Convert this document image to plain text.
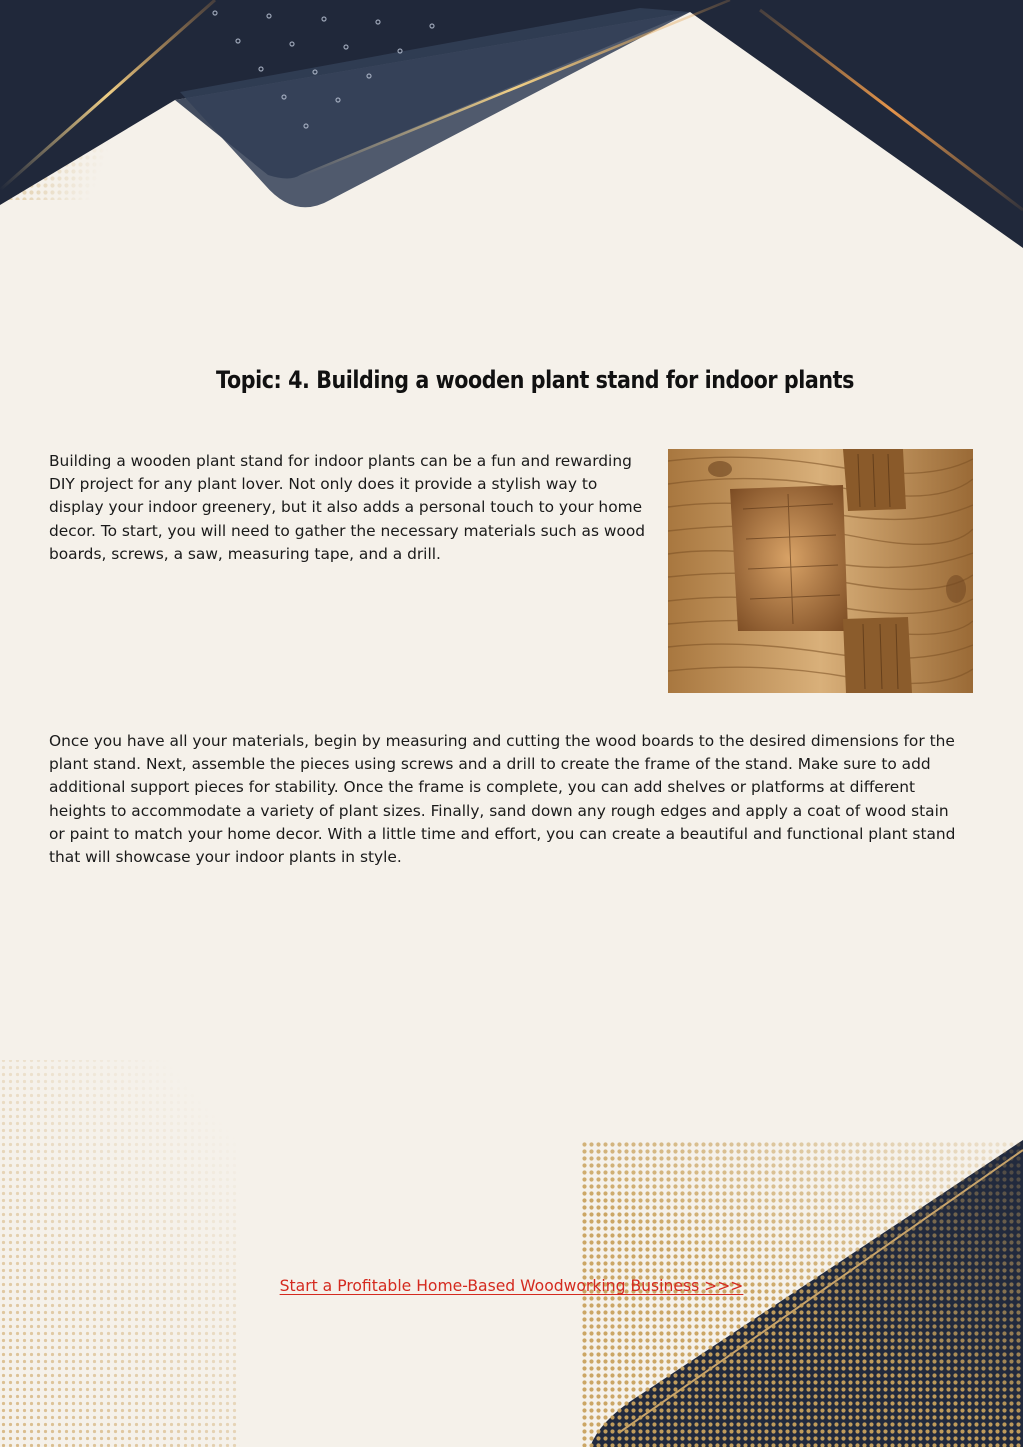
Topic: 4. Building a wooden plant stand for indoor plants

Building a wooden plant stand for indoor plants can be a fun and rewarding DIY project for any plant lover. Not only does it provide a stylish way to display your indoor greenery, but it also adds a personal touch to your home decor. To start, you will need to gather the necessary materials such as wood boards, screws, a saw, measuring tape, and a drill.

Once you have all your materials, begin by measuring and cutting the wood boards to the desired dimensions for the plant stand. Next, assemble the pieces using screws and a drill to create the frame of the stand. Make sure to add additional support pieces for stability. Once the frame is complete, you can add shelves or platforms at different heights to accommodate a variety of plant sizes. Finally, sand down any rough edges and apply a coat of wood stain or paint to match your home decor. With a little time and effort, you can create a beautiful and functional plant stand that will showcase your indoor plants in style.

Start a Profitable Home-Based Woodworking Business >>>
